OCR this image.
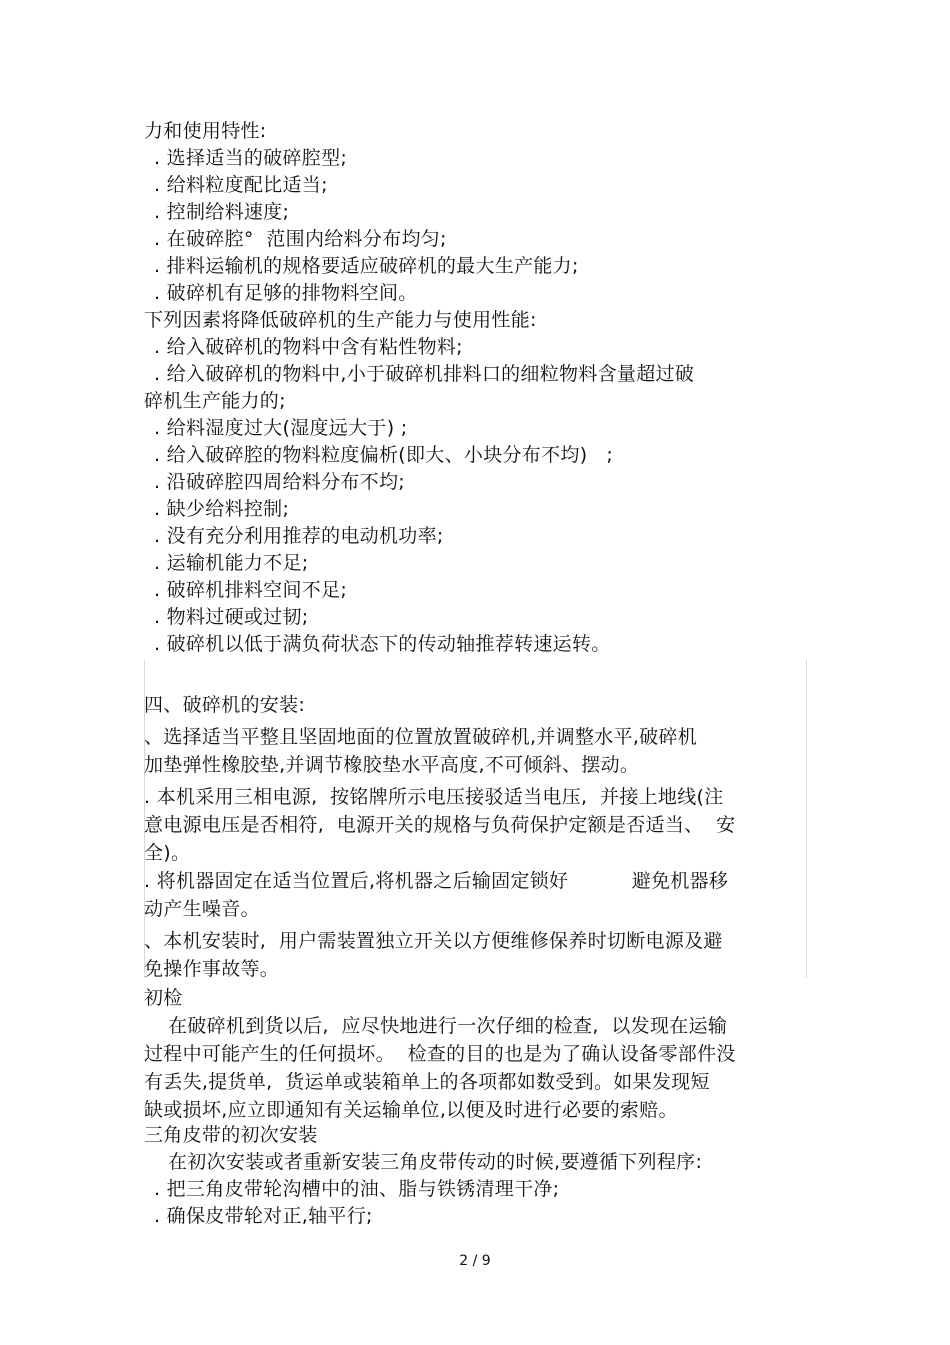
力和使用特性:
. 选择适当的破碎腔型;
. 给料粒度配比适当;
. 控制给料速度;
. 在破碎腔°  范围内给料分布均匀;
. 排料运输机的规格要适应破碎机的最大生产能力;
. 破碎机有足够的排物料空间。
下列因素将降低破碎机的生产能力与使用性能:
. 给入破碎机的物料中含有粘性物料;
. 给入破碎机的物料中,小于破碎机排料口的细粒物料含量超过破
碎机生产能力的;
. 给料湿度过大(湿度远大于) ;
. 给入破碎腔的物料粒度偏析(即大、小块分布不均)   ;
. 沿破碎腔四周给料分布不均;
. 缺少给料控制;
. 没有充分利用推荐的电动机功率;
. 运输机能力不足;
. 破碎机排料空间不足;
. 物料过硬或过韧;
. 破碎机以低于满负荷状态下的传动轴推荐转速运转。
四、破碎机的安装:
、选择适当平整且坚固地面的位置放置破碎机,并调整水平,破碎机
加垫弹性橡胶垫,并调节橡胶垫水平高度,不可倾斜、摆动。
. 本机采用三相电源,  按铭牌所示电压接驳适当电压,  并接上地线(注
意电源电压是否相符,  电源开关的规格与负荷保护定额是否适当、  安
全)。
. 将机器固定在适当位置后,将机器之后输固定锁好          避免机器移
动产生噪音。
、本机安装时,  用户需装置独立开关以方便维修保养时切断电源及避
免操作事故等。
初检
在破碎机到货以后,  应尽快地进行一次仔细的检查,  以发现在运输
过程中可能产生的任何损坏。  检查的目的也是为了确认设备零部件没
有丢失,提货单,  货运单或装箱单上的各项都如数受到。如果发现短
缺或损坏,应立即通知有关运输单位,以便及时进行必要的索赔。
三角皮带的初次安装
在初次安装或者重新安装三角皮带传动的时候,要遵循下列程序:
. 把三角皮带轮沟槽中的油、脂与铁锈清理干净;
. 确保皮带轮对正,轴平行;
2 / 9
